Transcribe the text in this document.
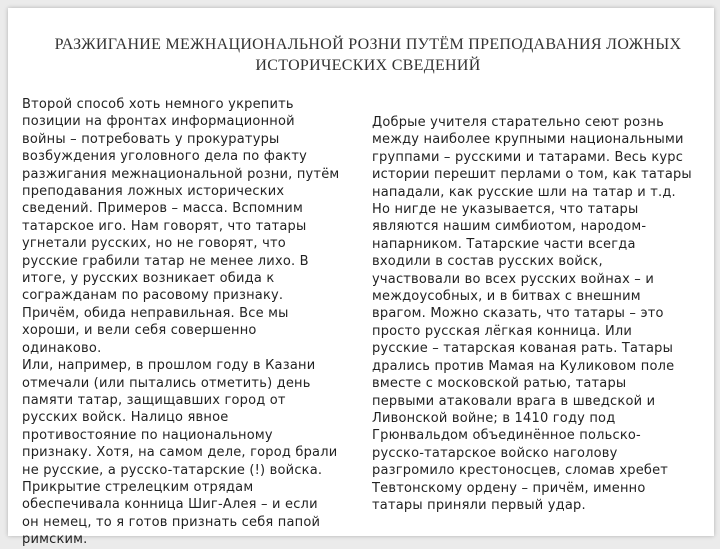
РАЗЖИГАНИЕ МЕЖНАЦИОНАЛЬНОЙ РОЗНИ ПУТЁМ ПРЕПОДАВАНИЯ ЛОЖНЫХ ИСТОРИЧЕСКИХ СВЕДЕНИЙ

Второй способ хоть немного укрепить
позиции на фронтах информационной
войны – потребовать у прокуратуры
возбуждения уголовного дела по факту
разжигания межнациональной розни, путём
преподавания ложных исторических
сведений. Примеров – масса. Вспомним
татарское иго. Нам говорят, что татары
угнетали русских, но не говорят, что
русские грабили татар не менее лихо. В
итоге, у русских возникает обида к
согражданам по расовому признаку.
Причём, обида неправильная. Все мы
хороши, и вели себя совершенно
одинаково.
Или, например, в прошлом году в Казани
отмечали (или пытались отметить) день
памяти татар, защищавших город от
русских войск. Налицо явное
противостояние по национальному
признаку. Хотя, на самом деле, город брали
не русские, а русско-татарские (!) войска.
Прикрытие стрелецким отрядам
обеспечивала конница Шиг-Алея – и если
он немец, то я готов признать себя папой
римским.

Добрые учителя старательно сеют рознь
между наиболее крупными национальными
группами – русскими и татарами. Весь курс
истории перешит перлами о том, как татары
нападали, как русские шли на татар и т.д.
Но нигде не указывается, что татары
являются нашим симбиотом, народом-
напарником. Татарские части всегда
входили в состав русских войск,
участвовали во всех русских войнах – и
междоусобных, и в битвах с внешним
врагом. Можно сказать, что татары – это
просто русская лёгкая конница. Или
русские – татарская кованая рать. Татары
дрались против Мамая на Куликовом поле
вместе с московской ратью, татары
первыми атаковали врага в шведской и
Ливонской войне; в 1410 году под
Грюнвальдом объединённое польско-
русско-татарское войско наголову
разгромило крестоносцев, сломав хребет
Тевтонскому ордену – причём, именно
татары приняли первый удар.
